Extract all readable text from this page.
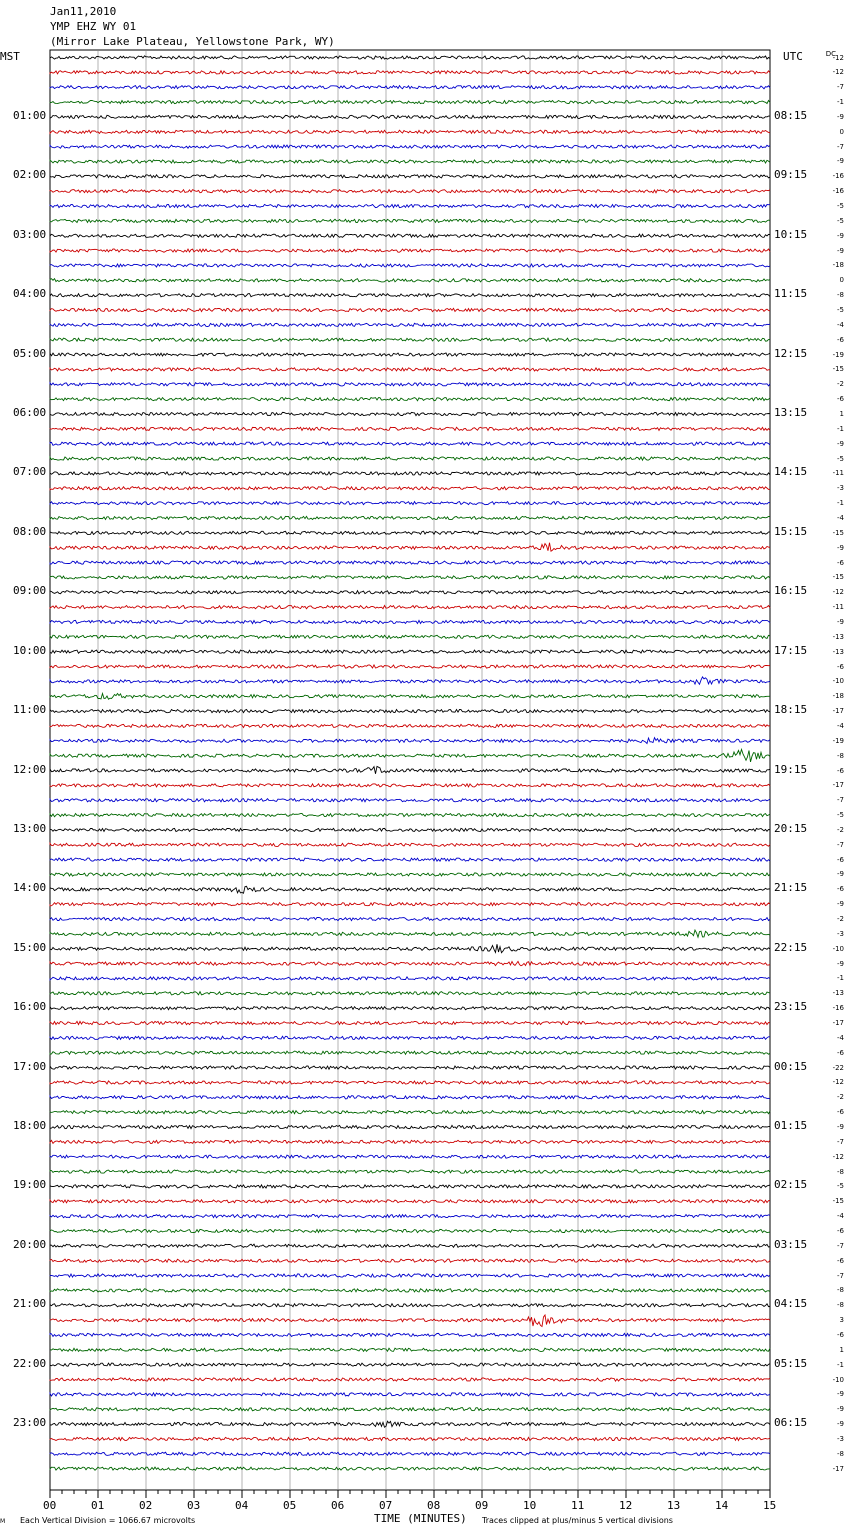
Jan11,2010
YMP EHZ WY 01
(Mirror Lake Plateau, Yellowstone Park, WY)
MST	UTC	DC
01:00
02:00
03:00
04:00
05:00
06:00
07:00
08:00
09:00
10:00
11:00
12:00
13:00
14:00
15:00
16:00
17:00
18:00
19:00
20:00
21:00
22:00
23:00
08:15
09:15
10:15
11:15
12:15
13:15
14:15
15:15
16:15
17:15
18:15
19:15
20:15
21:15
22:15
23:15
00:15
01:15
02:15
03:15
04:15
05:15
06:15
-12
-12
-7
-1
-9
0
-7
-9
-16
-16
-5
-5
-9
-9
-18
0
-8
-5
-4
-6
-19
-15
-2
-6
1
-1
-9
-5
-11
-3
-1
-4
-15
-9
-6
-15
-12
-11
-9
-13
-13
-6
-10
-18
-17
-4
-19
-8
-6
-17
-7
-5
-2
-7
-6
-9
-6
-9
-2
-3
-10
-9
-1
-13
-16
-17
-4
-6
-22
-12
-2
-6
-9
-7
-12
-8
-5
-15
-4
-6
-7
-6
-7
-8
-8
3
-6
1
-1
-10
-9
-9
-9
-3
-8
-17
00	01	02	03	04	05	06	07	08	09	10	11	12	13	14	15
M Each Vertical Division = 1066.67 microvolts	TIME (MINUTES) Traces clipped at plus/minus 5 vertical divisions
